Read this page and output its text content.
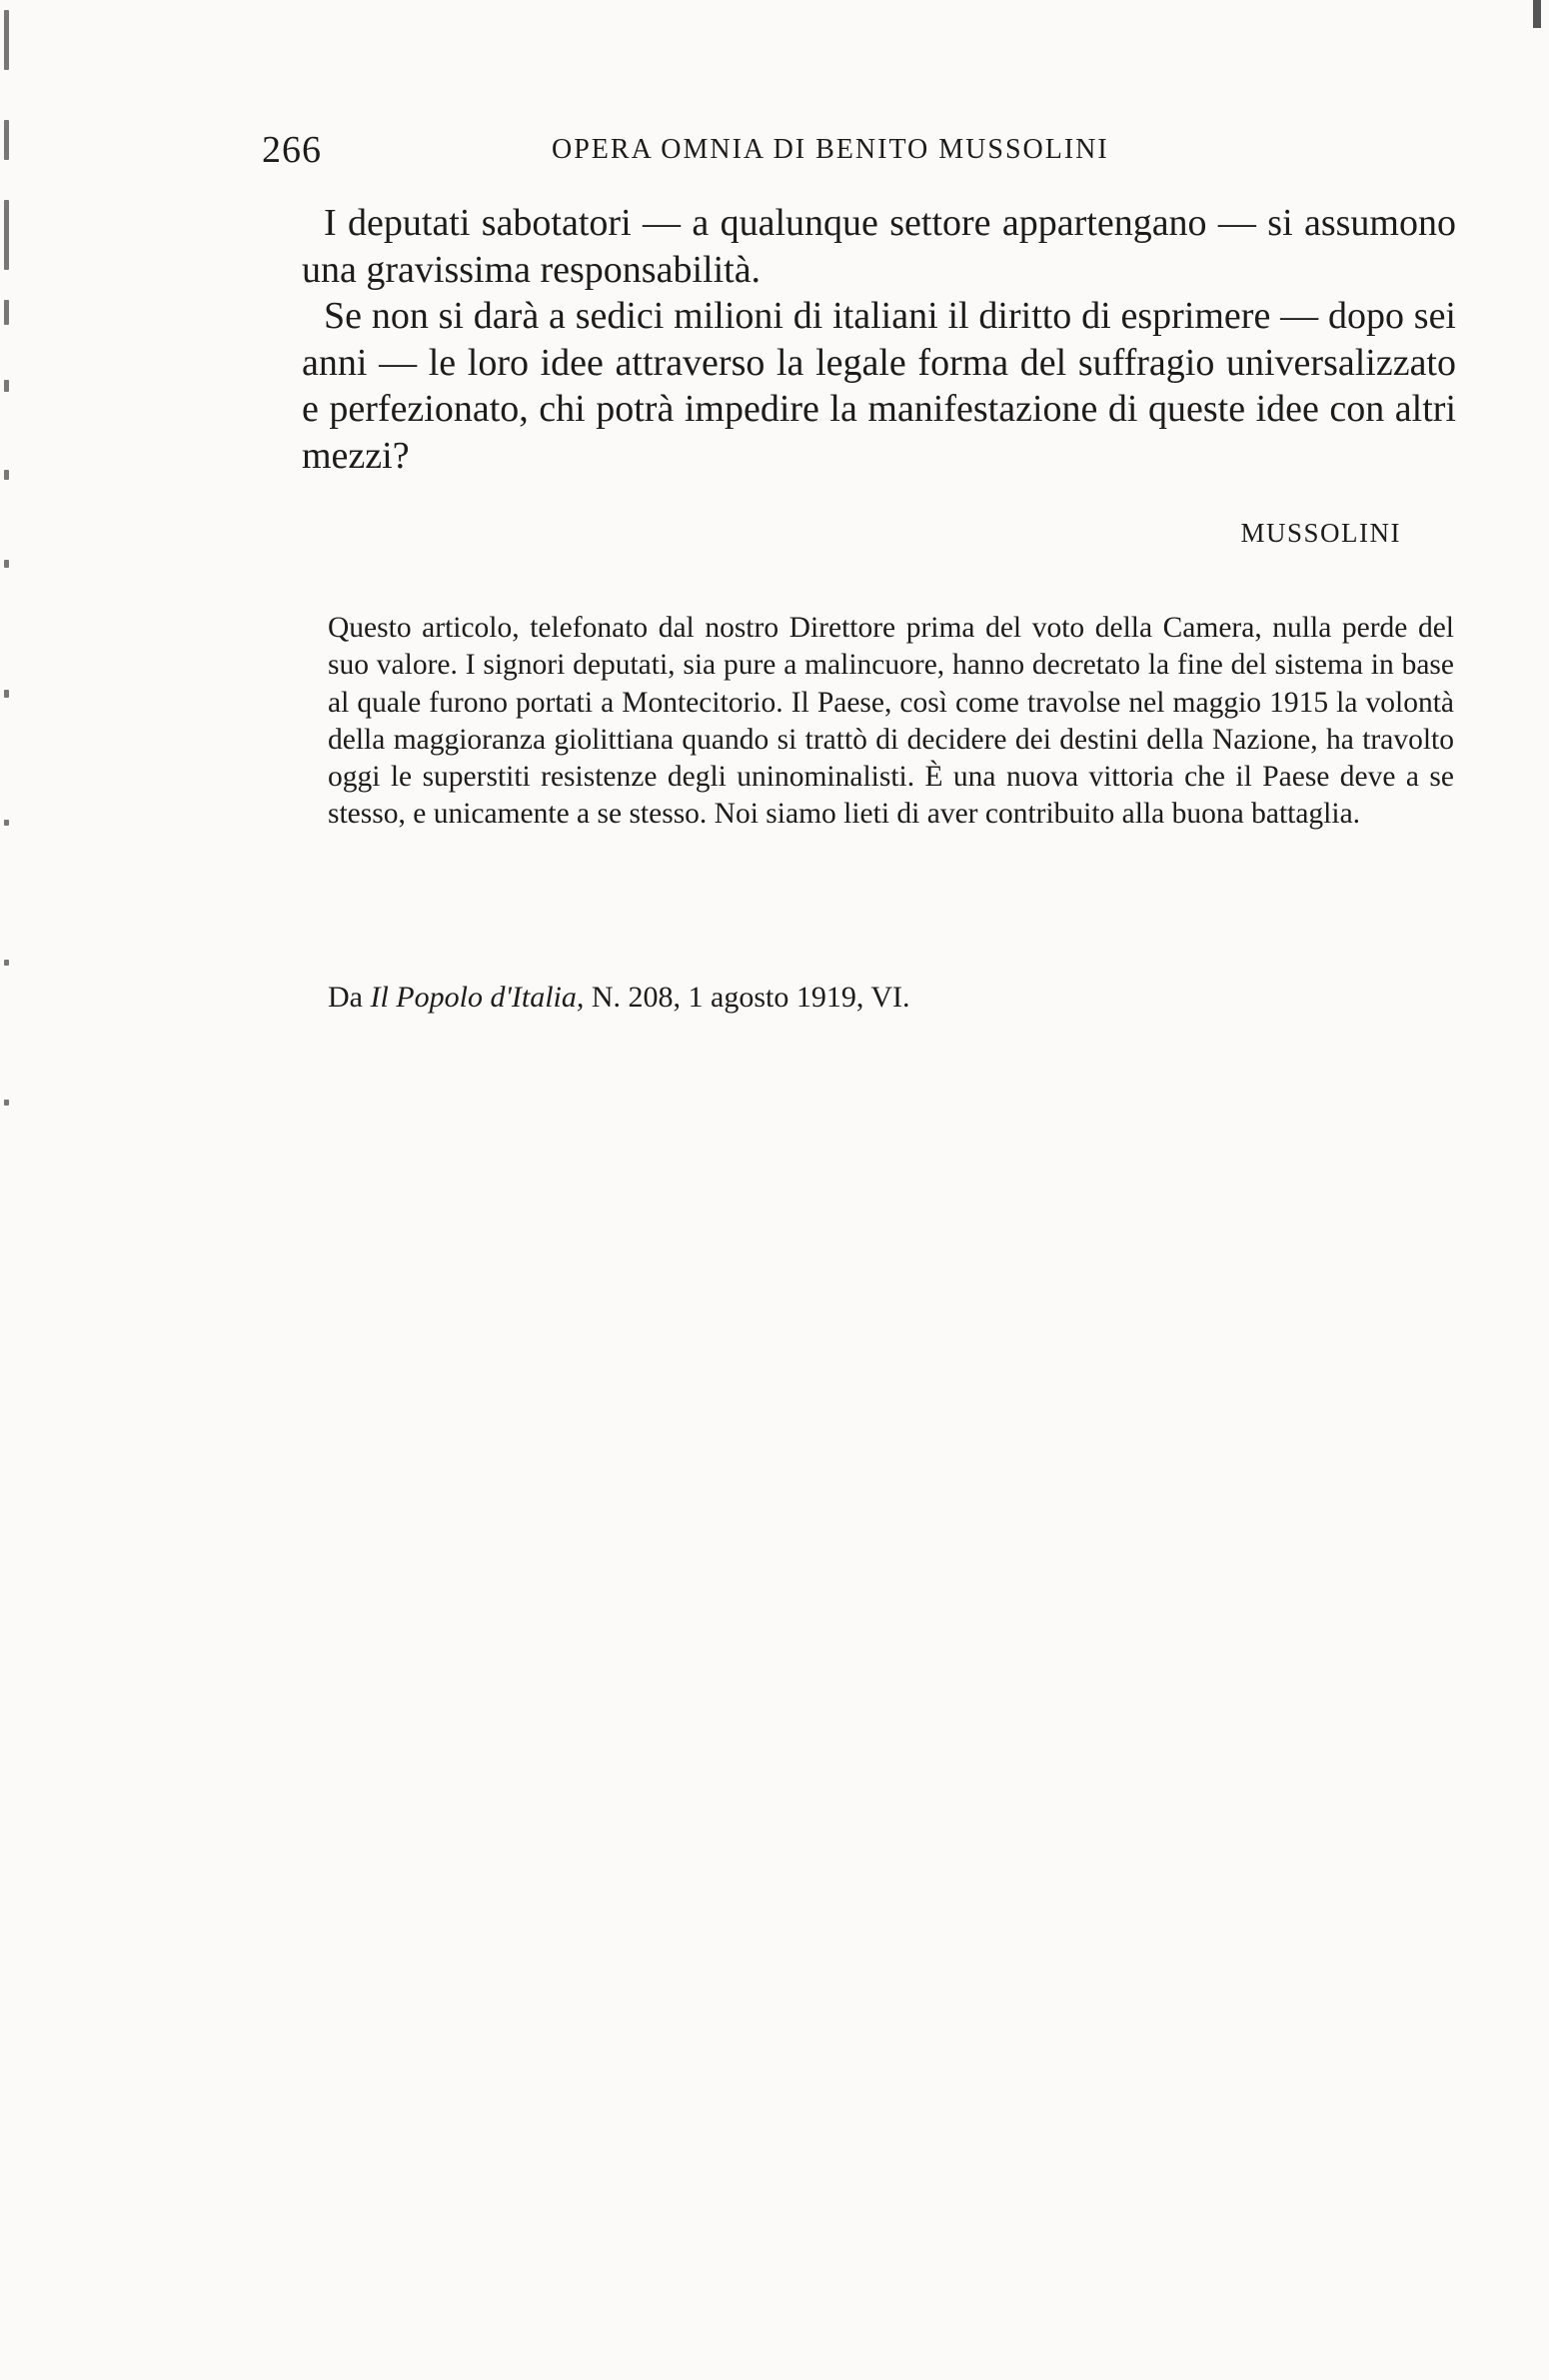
266	OPERA OMNIA DI BENITO MUSSOLINI

I deputati sabotatori — a qualunque settore appartengano — si assumono una gravissima responsabilità.

Se non si darà a sedici milioni di italiani il diritto di esprimere — dopo sei anni — le loro idee attraverso la legale forma del suffragio universalizzato e perfezionato, chi potrà impedire la manifestazione di queste idee con altri mezzi?

MUSSOLINI

Questo articolo, telefonato dal nostro Direttore prima del voto della Camera, nulla perde del suo valore. I signori deputati, sia pure a malincuore, hanno decretato la fine del sistema in base al quale furono portati a Montecitorio. Il Paese, così come travolse nel maggio 1915 la volontà della maggioranza giolittiana quando si trattò di decidere dei destini della Nazione, ha travolto oggi le superstiti resistenze degli uninominalisti. È una nuova vittoria che il Paese deve a se stesso, e unicamente a se stesso. Noi siamo lieti di aver contribuito alla buona battaglia.

Da Il Popolo d'Italia, N. 208, 1 agosto 1919, VI.
